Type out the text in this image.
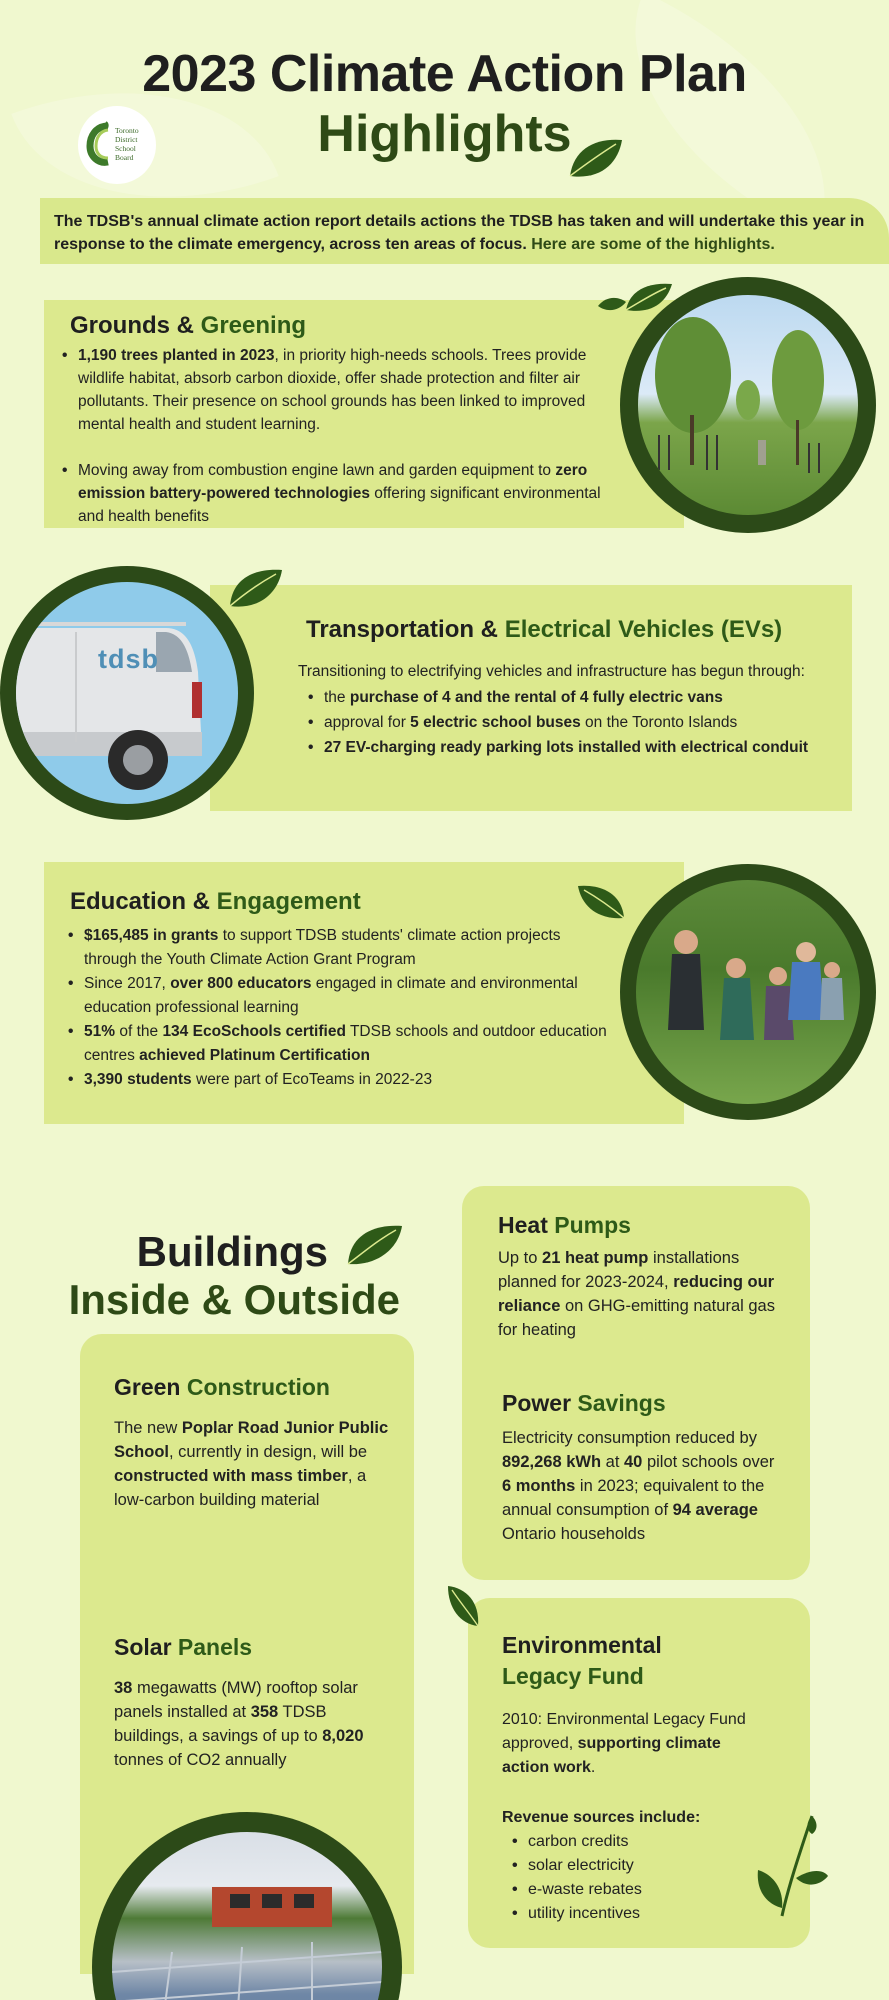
2023 Climate Action Plan
Highlights
Toronto
District
School
Board
The TDSB's annual climate action report details actions the TDSB has taken and will undertake this year in response to the climate emergency, across ten areas of focus. Here are some of the highlights.
Grounds & Greening
• 1,190 trees planted in 2023, in priority high-needs schools. Trees provide wildlife habitat, absorb carbon dioxide, offer shade protection and filter air pollutants. Their presence on school grounds has been linked to improved mental health and student learning.
• Moving away from combustion engine lawn and garden equipment to zero emission battery-powered technologies offering significant environmental and health benefits
tdsb
Transportation & Electrical Vehicles (EVs)
Transitioning to electrifying vehicles and infrastructure has begun through:
• the purchase of 4 and the rental of 4 fully electric vans
• approval for 5 electric school buses on the Toronto Islands
• 27 EV-charging ready parking lots installed with electrical conduit
Education & Engagement
• $165,485 in grants to support TDSB students' climate action projects through the Youth Climate Action Grant Program
• Since 2017, over 800 educators engaged in climate and environmental education professional learning
• 51% of the 134 EcoSchools certified TDSB schools and outdoor education centres achieved Platinum Certification
• 3,390 students were part of EcoTeams in 2022-23
Buildings
Inside & Outside
Green Construction
The new Poplar Road Junior Public School, currently in design, will be constructed with mass timber, a low-carbon building material
Solar Panels
38 megawatts (MW) rooftop solar panels installed at 358 TDSB buildings, a savings of up to 8,020 tonnes of CO2 annually
Heat Pumps
Up to 21 heat pump installations planned for 2023-2024, reducing our reliance on GHG-emitting natural gas for heating
Power Savings
Electricity consumption reduced by 892,268 kWh at 40 pilot schools over 6 months in 2023; equivalent to the annual consumption of 94 average Ontario households
Environmental
Legacy Fund
2010: Environmental Legacy Fund approved, supporting climate action work.
Revenue sources include:
• carbon credits
• solar electricity
• e-waste rebates
• utility incentives
